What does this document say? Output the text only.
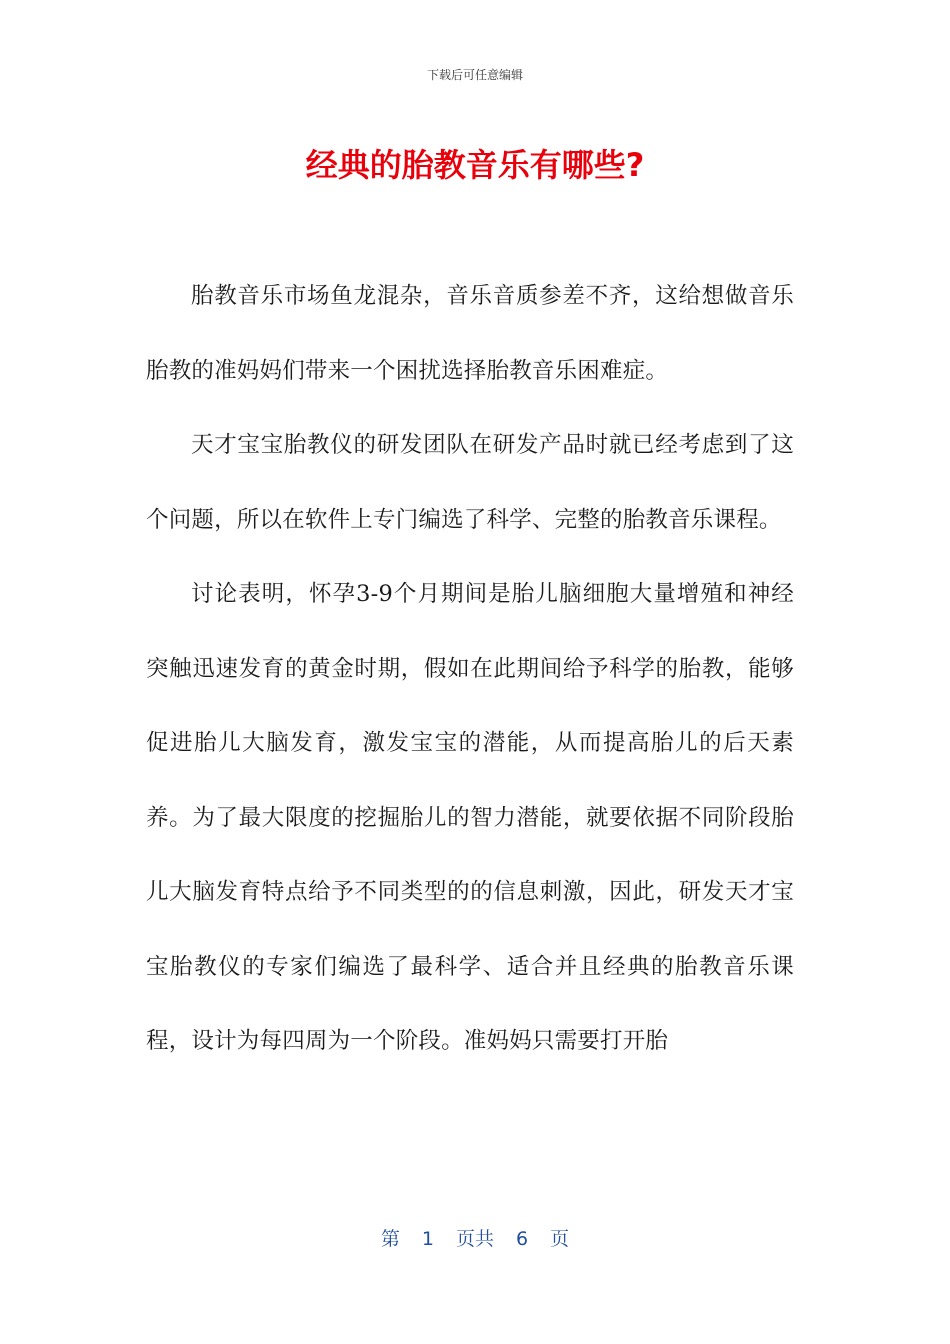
下载后可任意编辑
经典的胎教音乐有哪些?

胎教音乐市场鱼龙混杂，音乐音质参差不齐，这给想做音乐胎教的准妈妈们带来一个困扰选择胎教音乐困难症。

天才宝宝胎教仪的研发团队在研发产品时就已经考虑到了这个问题，所以在软件上专门编选了科学、完整的胎教音乐课程。

讨论表明，怀孕3-9个月期间是胎儿脑细胞大量增殖和神经突触迅速发育的黄金时期，假如在此期间给予科学的胎教，能够促进胎儿大脑发育，激发宝宝的潜能，从而提高胎儿的后天素养。为了最大限度的挖掘胎儿的智力潜能，就要依据不同阶段胎儿大脑发育特点给予不同类型的的信息刺激，因此，研发天才宝宝胎教仪的专家们编选了最科学、适合并且经典的胎教音乐课程，设计为每四周为一个阶段。准妈妈只需要打开胎

第 1 页共 6 页
